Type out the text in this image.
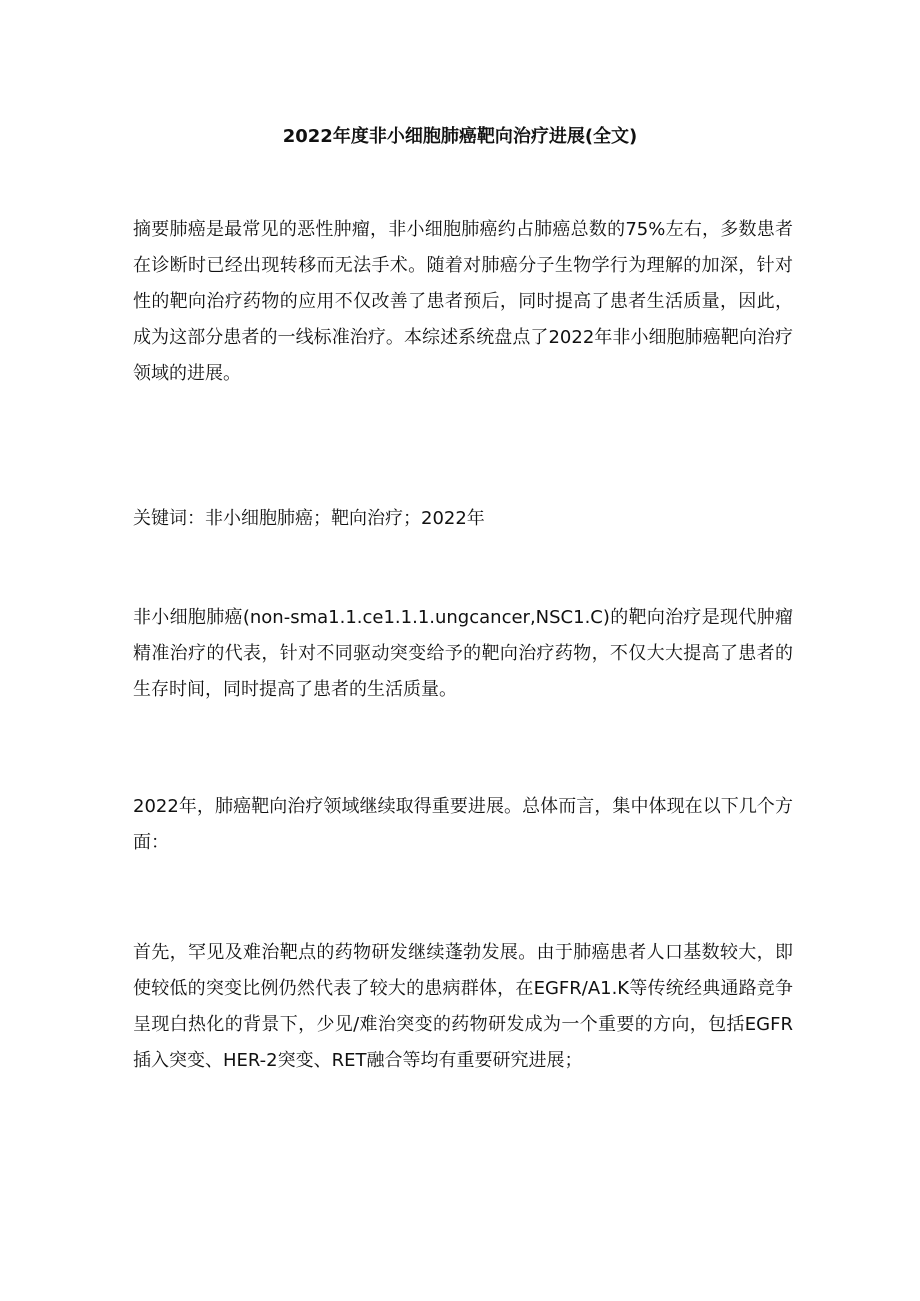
2022年度非小细胞肺癌靶向治疗进展(全文)

摘要肺癌是最常见的恶性肿瘤，非小细胞肺癌约占肺癌总数的75%左右，多数患者在诊断时已经出现转移而无法手术。随着对肺癌分子生物学行为理解的加深，针对性的靶向治疗药物的应用不仅改善了患者预后，同时提高了患者生活质量，因此，成为这部分患者的一线标准治疗。本综述系统盘点了2022年非小细胞肺癌靶向治疗领域的进展。

关键词：非小细胞肺癌；靶向治疗；2022年

非小细胞肺癌(non-sma1.1.ce1.1.1.ungcancer,NSC1.C)的靶向治疗是现代肿瘤精准治疗的代表，针对不同驱动突变给予的靶向治疗药物，不仅大大提高了患者的生存时间，同时提高了患者的生活质量。

2022年，肺癌靶向治疗领域继续取得重要进展。总体而言，集中体现在以下几个方面：

首先，罕见及难治靶点的药物研发继续蓬勃发展。由于肺癌患者人口基数较大，即使较低的突变比例仍然代表了较大的患病群体，在EGFR/A1.K等传统经典通路竞争呈现白热化的背景下，少见/难治突变的药物研发成为一个重要的方向，包括EGFR插入突变、HER-2突变、RET融合等均有重要研究进展；
